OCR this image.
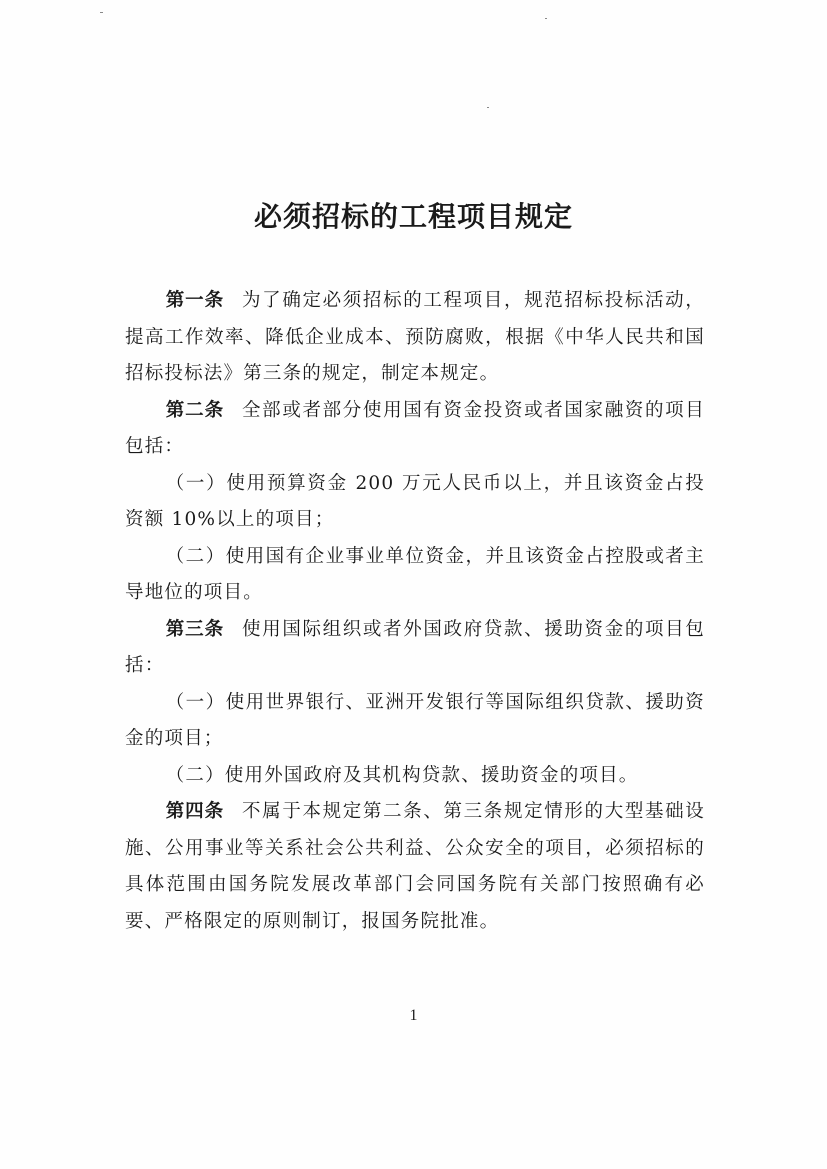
必须招标的工程项目规定

第一条 为了确定必须招标的工程项目，规范招标投标活动，提高工作效率、降低企业成本、预防腐败，根据《中华人民共和国招标投标法》第三条的规定，制定本规定。

第二条 全部或者部分使用国有资金投资或者国家融资的项目包括：

（一）使用预算资金 200 万元人民币以上，并且该资金占投资额 10%以上的项目；

（二）使用国有企业事业单位资金，并且该资金占控股或者主导地位的项目。

第三条 使用国际组织或者外国政府贷款、援助资金的项目包括：

（一）使用世界银行、亚洲开发银行等国际组织贷款、援助资金的项目；

（二）使用外国政府及其机构贷款、援助资金的项目。

第四条 不属于本规定第二条、第三条规定情形的大型基础设施、公用事业等关系社会公共利益、公众安全的项目，必须招标的具体范围由国务院发展改革部门会同国务院有关部门按照确有必要、严格限定的原则制订，报国务院批准。

1
